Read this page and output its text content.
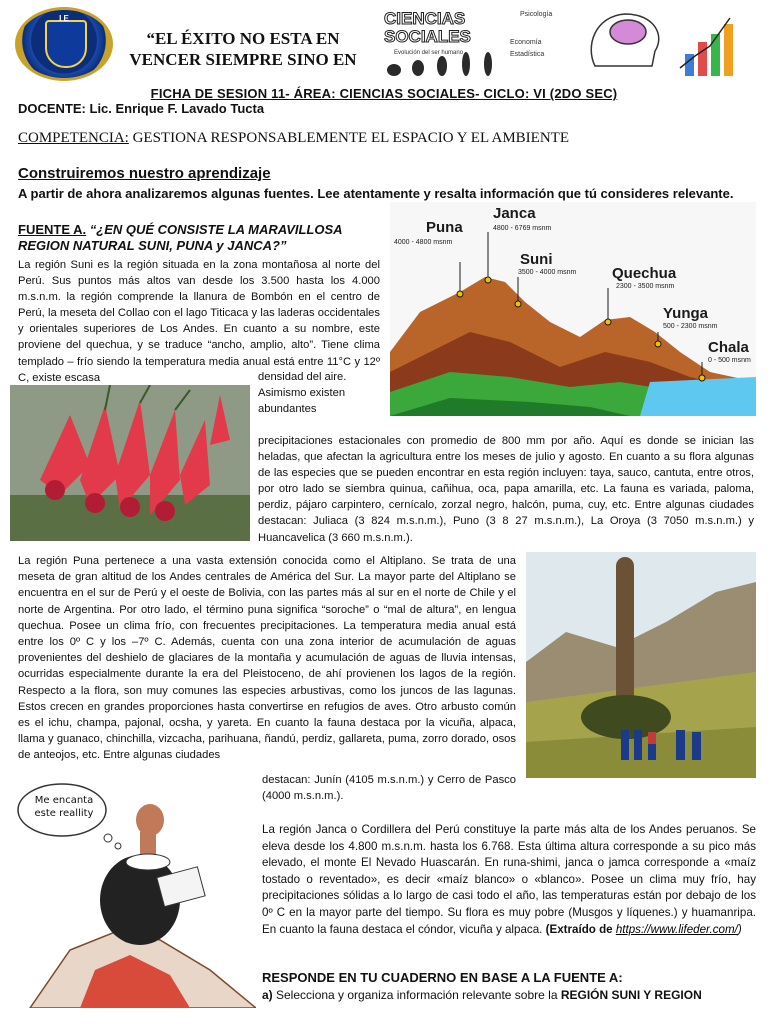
I E
“EL ÉXITO NO ESTA EN VENCER SIEMPRE SINO EN
CIENCIAS
SOCIALES
Psicología
Economía
Estadística
Evolución del ser humano
FICHA DE SESION 11- ÁREA: CIENCIAS SOCIALES- CICLO: VI (2DO SEC)
DOCENTE: Lic. Enrique F. Lavado Tucta
COMPETENCIA: GESTIONA RESPONSABLEMENTE EL ESPACIO Y EL AMBIENTE
Construiremos nuestro aprendizaje
A partir de ahora analizaremos algunas fuentes. Lee atentamente y resalta información que tú consideres relevante.
FUENTE A. “¿EN QUÉ CONSISTE LA MARAVILLOSA REGION NATURAL SUNI, PUNA y JANCA?”
La región Suni es la región situada en la zona montañosa al norte del Perú. Sus puntos más altos van desde los 3.500 hasta los 4.000 m.s.n.m. la región comprende la llanura de Bombón en el centro de Perú, la meseta del Collao con el lago Titicaca y las laderas occidentales y orientales superiores de Los Andes. En cuanto a su nombre, este proviene del quechua, y se traduce “ancho, amplio, alto”. Tiene clima templado – frío siendo la temperatura media anual está entre 11°C y 12º C, existe escasa	densidad del aire. Asimismo existen abundantes
precipitaciones estacionales con promedio de 800 mm por año. Aquí es donde se inician las heladas, que afectan la agricultura entre los meses de julio y agosto. En cuanto a su flora algunas de las especies que se pueden encontrar en esta región incluyen: taya, sauco, cantuta, entre otros, por otro lado se siembra quinua, cañihua, oca, papa amarilla, etc. La fauna es variada, paloma, perdiz, pájaro carpintero, cernícalo, zorzal negro, halcón, puma, cuy, etc. Entre algunas ciudades destacan: Juliaca (3 824 m.s.n.m.), Puno (3 8 27 m.s.n.m.), La Oroya (3 7050 m.s.n.m.) y Huancavelica (3 660 m.s.n.m.).
Puna
4000 - 4800 msnm
Janca
4800 - 6769 msnm
Suni
3500 - 4000 msnm Quechua
2300 - 3500 msnm
Yunga
500 - 2300 msnm
Chala
0 - 500 msnm
La región Puna pertenece a una vasta extensión conocida como el Altiplano. Se trata de una meseta de gran altitud de los Andes centrales de América del Sur. La mayor parte del Altiplano se encuentra en el sur de Perú y el oeste de Bolivia, con las partes más al sur en el norte de Chile y el norte de Argentina. Por otro lado, el término puna significa “soroche” o “mal de altura”, en lengua quechua. Posee un clima frío, con frecuentes precipitaciones. La temperatura media anual está entre los 0º C y los –7º C. Además, cuenta con una zona interior de acumulación de aguas provenientes del deshielo de glaciares de la montaña y acumulación de aguas de lluvia intensas, ocurridas especialmente durante la era del Pleistoceno, de ahí provienen los lagos de la región. Respecto a la flora, son muy comunes las especies arbustivas, como los juncos de las lagunas. Estos crecen en grandes proporciones hasta convertirse en refugios de aves. Otro arbusto común es el ichu, champa, pajonal, ocsha, y yareta. En cuanto la fauna destaca por la vicuña, alpaca, llama y guanaco, chinchilla, vizcacha, parihuana, ñandú, perdiz, gallareta, puma, zorro dorado, osos de anteojos, etc. Entre algunas ciudades
destacan: Junín (4105 m.s.n.m.) y Cerro de Pasco (4000 m.s.n.m.).
Me encanta este reallity
La región Janca o Cordillera del Perú constituye la parte más alta de los Andes peruanos. Se eleva desde los 4.800 m.s.n.m. hasta los 6.768. Esta última altura corresponde a su pico más elevado, el monte El Nevado Huascarán. En runa-shimi, janca o jamca corresponde a «maíz tostado o reventado», es decir «maíz blanco» o «blanco». Posee un clima muy frío, hay precipitaciones sólidas a lo largo de casi todo el año, las temperaturas están por debajo de los 0º C en la mayor parte del tiempo. Su flora es muy pobre (Musgos y líquenes.) y huamanripa. En cuanto la fauna destaca el cóndor, vicuña y alpaca. (Extraído de https://www.lifeder.com/)
RESPONDE EN TU CUADERNO EN BASE A LA FUENTE A:
a) Selecciona y organiza información relevante sobre la REGIÓN SUNI Y REGION
